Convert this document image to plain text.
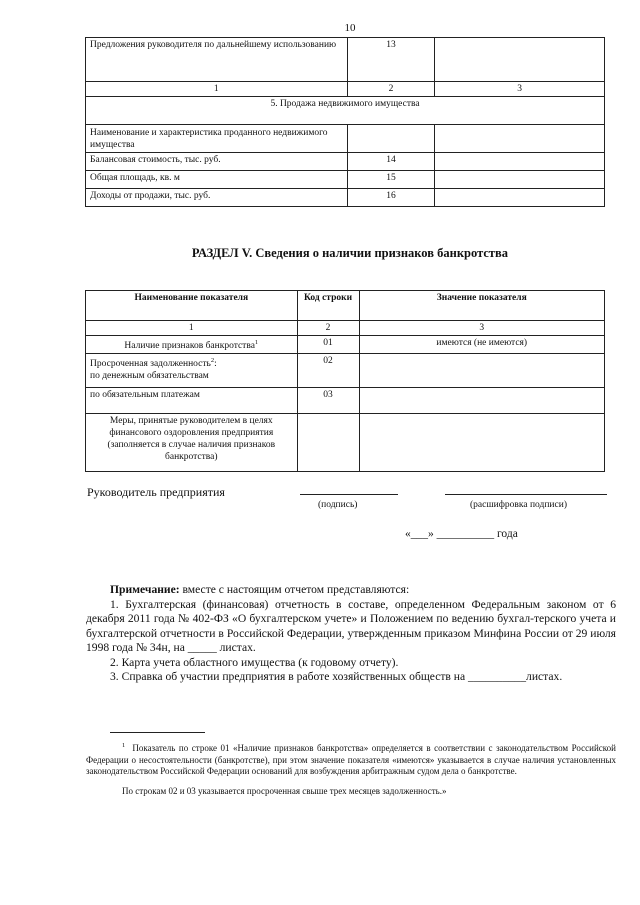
10
Предложения руководителя по дальнейшему использованию	13	
1	2	3
5. Продажа недвижимого имущества		
Наименование и характеристика проданного недвижимого имущества		
Балансовая стоимость, тыс. руб.	14	
Общая площадь, кв. м	15	
Доходы от продажи, тыс. руб.	16	
РАЗДЕЛ V. Сведения о наличии признаков банкротства
Наименование показателя	Код строки	Значение показателя
1	2	3
Наличие признаков банкротства$^1$	01	имеются (не имеются)
Просроченная задолженность$^2$:
по денежным обязательствам	02	
по обязательным платежам	03	
Меры, принятые руководителем в целях финансового оздоровления предприятия (заполняется в случае наличия признаков банкротства)		
Руководитель предприятия
(подпись)	(расшифровка подписи)
«___» __________ года

Примечание: вместе с настоящим отчетом представляются:

1. Бухгалтерская (финансовая) отчетность в составе, определенном Федеральным законом от 6 декабря 2011 года № 402-ФЗ «О бухгалтерском учете» и Положением по ведению бухгал-терского учета и бухгалтерской отчетности в Российской Федерации, утвержденным приказом Минфина России от 29 июля 1998 года № 34н, на _____ листах.

2. Карта учета областного имущества (к годовому отчету).

3. Справка об участии предприятия в работе хозяйственных обществ на __________листах.

$^1$ Показатель по строке 01 «Наличие признаков банкротства» определяется в соответствии с законодательством Российской Федерации о несостоятельности (банкротстве), при этом значение показателя «имеются» указывается в случае наличия установленных законодательством Российской Федерации оснований для возбуждения арбитражным судом дела о банкротстве.

По строкам 02 и 03 указывается просроченная свыше трех месяцев задолженность.»
